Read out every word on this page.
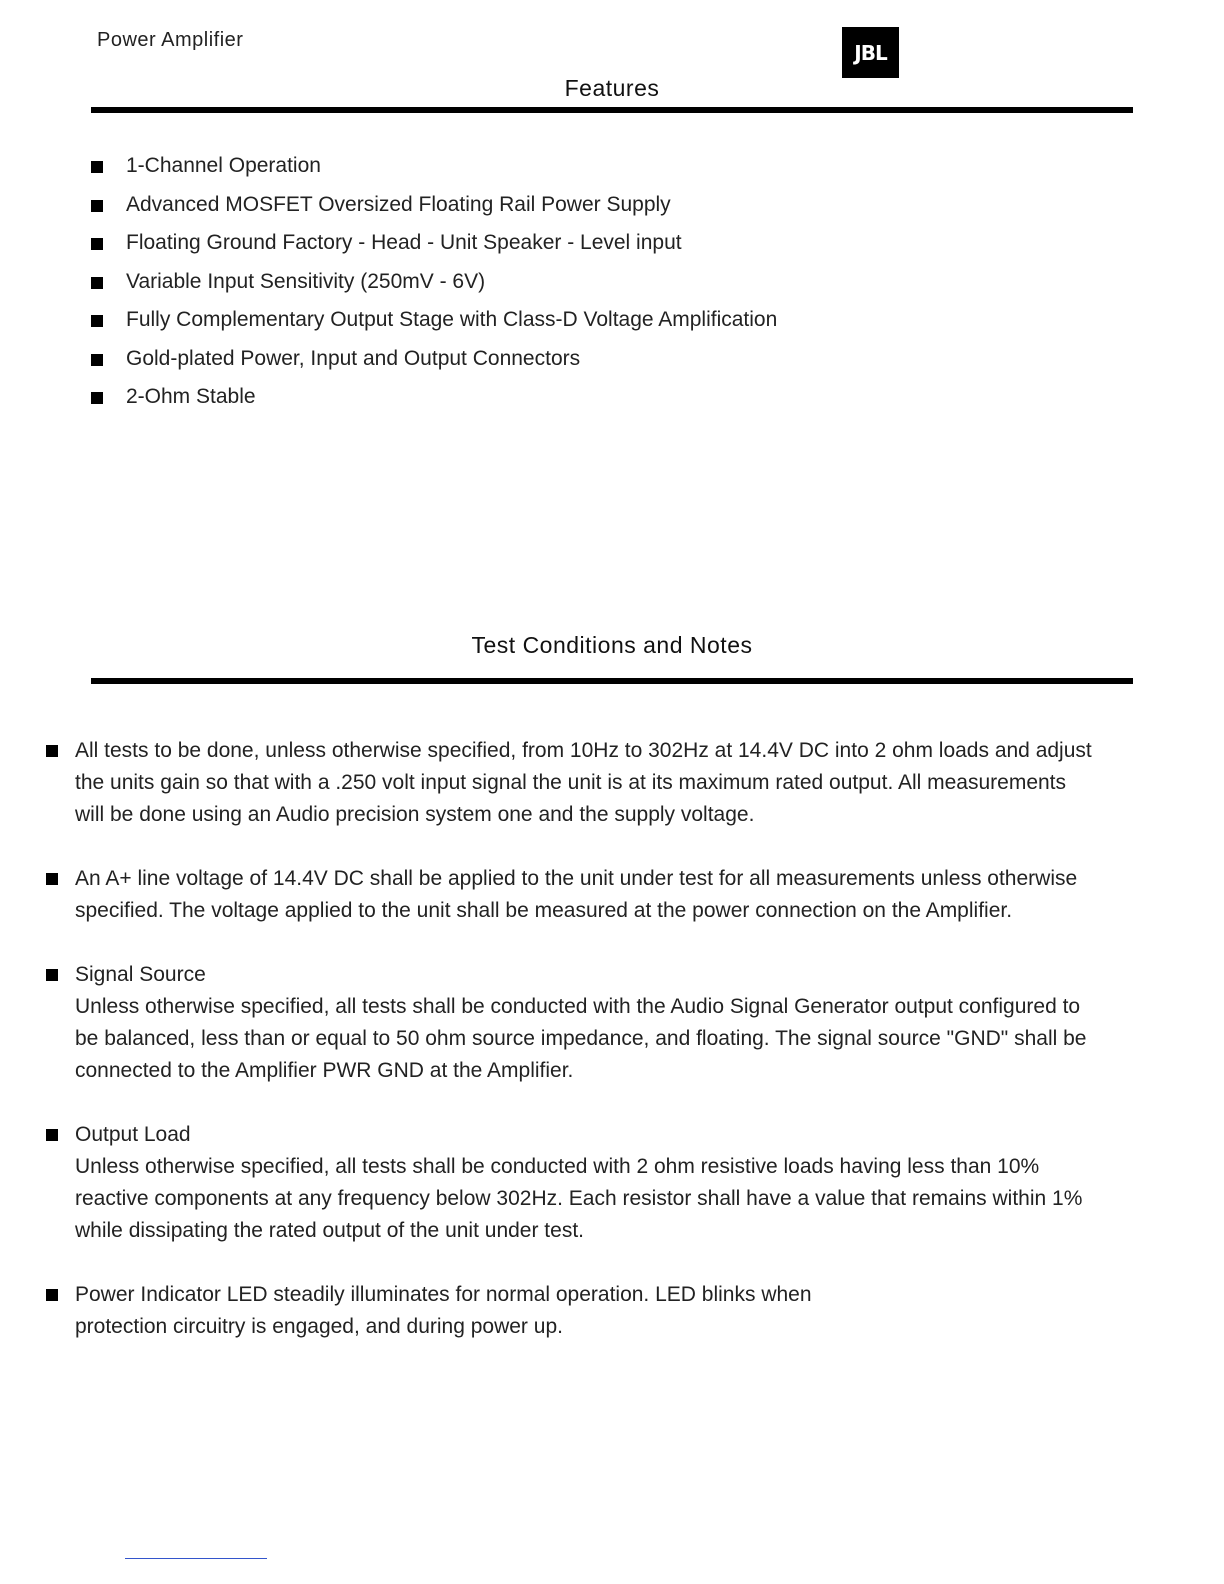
Power Amplifier
JBL
Features
1-Channel Operation
Advanced MOSFET Oversized Floating Rail Power Supply
Floating Ground Factory - Head - Unit Speaker - Level input
Variable Input Sensitivity (250mV - 6V)
Fully Complementary Output Stage with Class-D Voltage Amplification
Gold-plated Power, Input and Output Connectors
2-Ohm Stable
Test Conditions and Notes
All tests to be done, unless otherwise specified, from 10Hz to 302Hz at 14.4V DC into 2 ohm loads and adjust
the units gain so that with a .250 volt input signal the unit is at its maximum rated output. All measurements
will be done using an Audio precision system one and the supply voltage.
An A+ line voltage of 14.4V DC shall be applied to the unit under test for all measurements unless otherwise
specified. The voltage applied to the unit shall be measured at the power connection on the Amplifier.
Signal Source
Unless otherwise specified, all tests shall be conducted with the Audio Signal Generator output configured to
be balanced, less than or equal to 50 ohm source impedance, and floating. The signal source "GND" shall be
connected to the Amplifier PWR GND at the Amplifier.
Output Load
Unless otherwise specified, all tests shall be conducted with 2 ohm resistive loads having less than 10%
reactive components at any frequency below 302Hz. Each resistor shall have a value that remains within 1%
while dissipating the rated output of the unit under test.
Power Indicator LED steadily illuminates for normal operation. LED blinks when
protection circuitry is engaged, and during power up.
